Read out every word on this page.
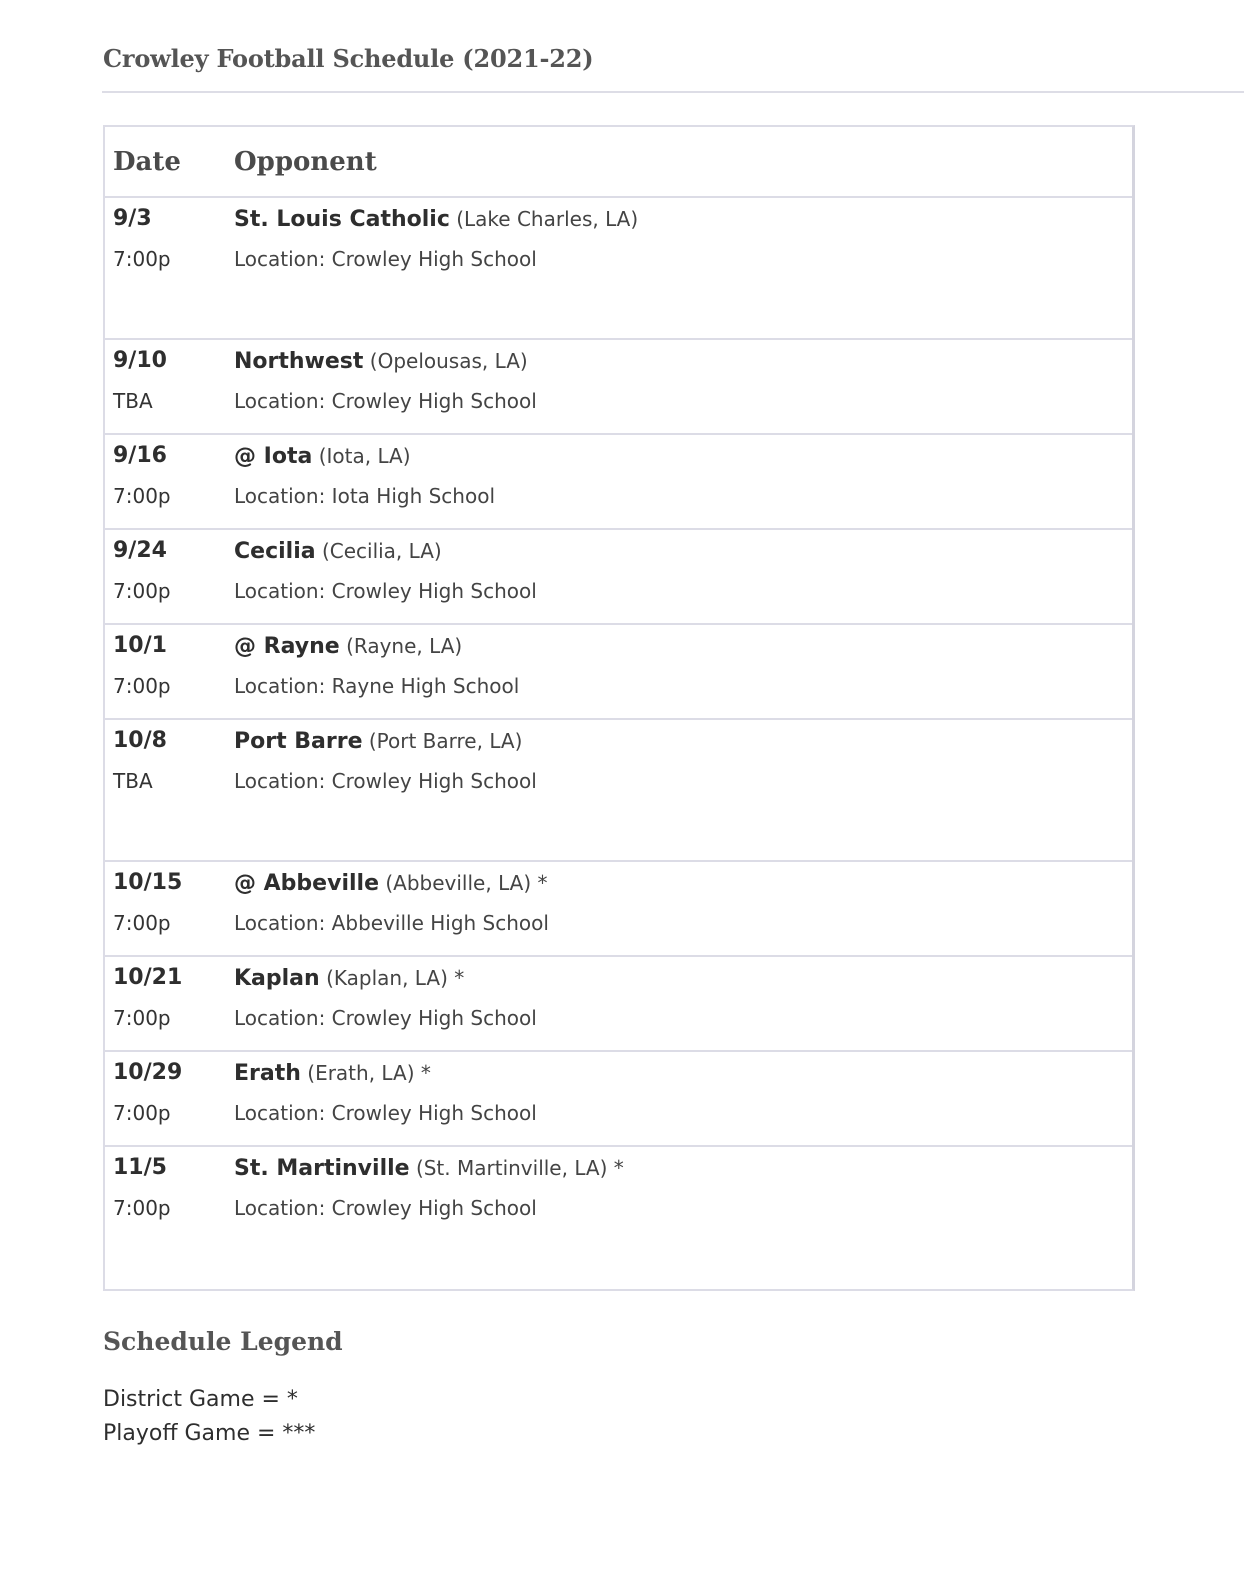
Crowley Football Schedule (2021-22)
Date	Opponent
9/3
7:00p
St. Louis Catholic (Lake Charles, LA)
Location: Crowley High School
9/10
TBA
Northwest (Opelousas, LA)
Location: Crowley High School
9/16
7:00p
@ Iota (Iota, LA)
Location: Iota High School
9/24
7:00p
Cecilia (Cecilia, LA)
Location: Crowley High School
10/1
7:00p
@ Rayne (Rayne, LA)
Location: Rayne High School
10/8
TBA
Port Barre (Port Barre, LA)
Location: Crowley High School
10/15
7:00p
@ Abbeville (Abbeville, LA) *
Location: Abbeville High School
10/21
7:00p
Kaplan (Kaplan, LA) *
Location: Crowley High School
10/29
7:00p
Erath (Erath, LA) *
Location: Crowley High School
11/5
7:00p
St. Martinville (St. Martinville, LA) *
Location: Crowley High School
Schedule Legend
District Game = *
Playoff Game = ***
